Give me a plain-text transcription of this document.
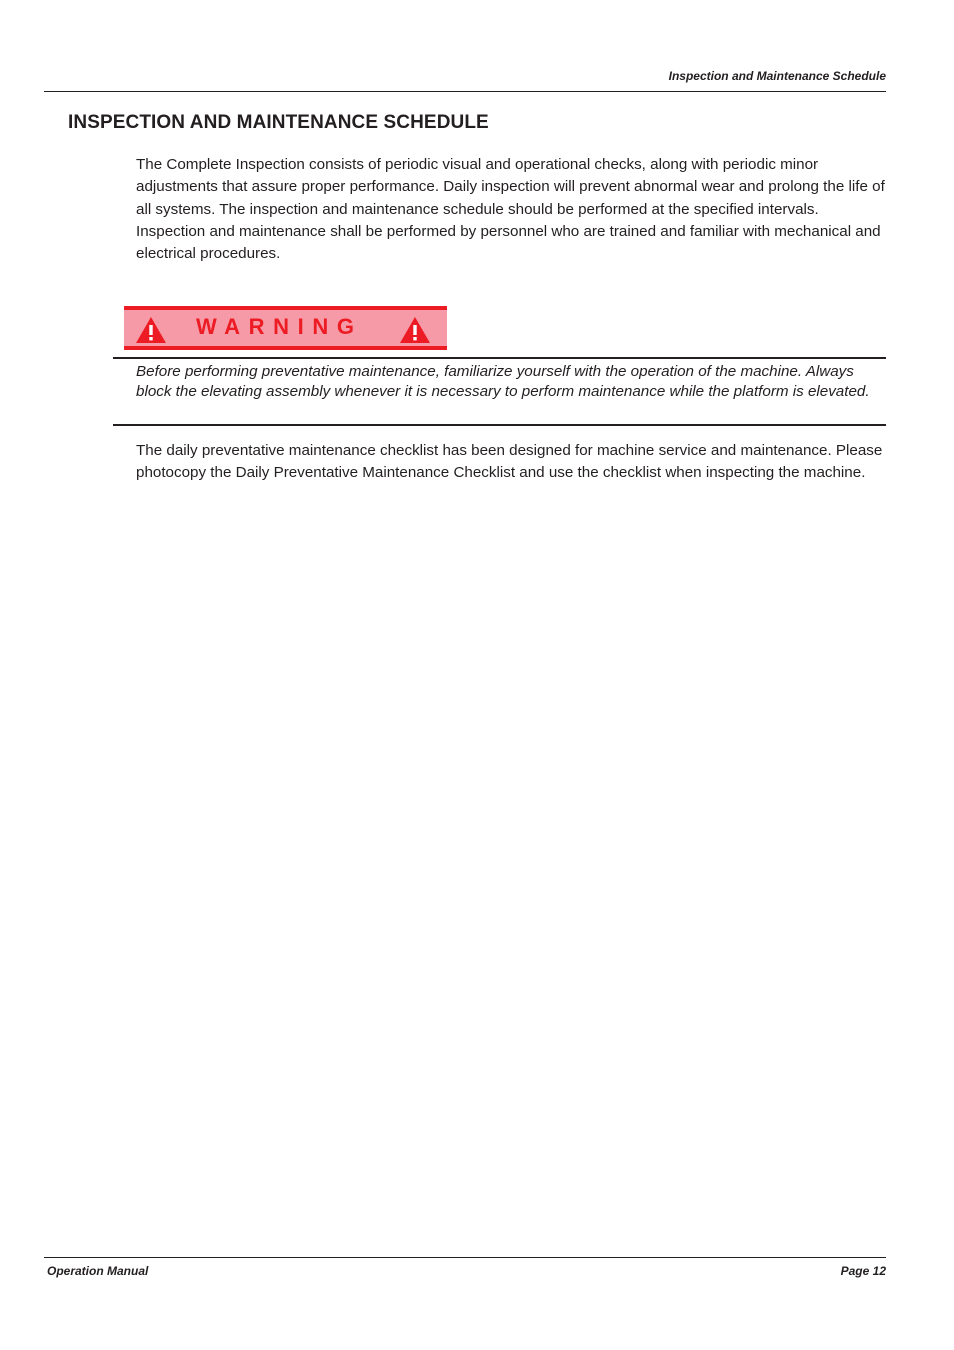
Inspection and Maintenance Schedule
INSPECTION AND MAINTENANCE SCHEDULE

The Complete Inspection consists of periodic visual and operational checks, along with periodic minor adjustments that assure proper performance. Daily inspection will prevent abnormal wear and prolong the life of all systems. The inspection and maintenance schedule should be performed at the specified intervals. Inspection and maintenance shall be performed by personnel who are trained and familiar with mechanical and electrical procedures.

WARNING

Before performing preventative maintenance, familiarize yourself with the operation of the machine. Always block the elevating assembly whenever it is necessary to perform maintenance while the platform is elevated.

The daily preventative maintenance checklist has been designed for machine service and maintenance. Please photocopy the Daily Preventative Maintenance Checklist and use the checklist when inspecting the machine.

Operation Manual	Page 12
